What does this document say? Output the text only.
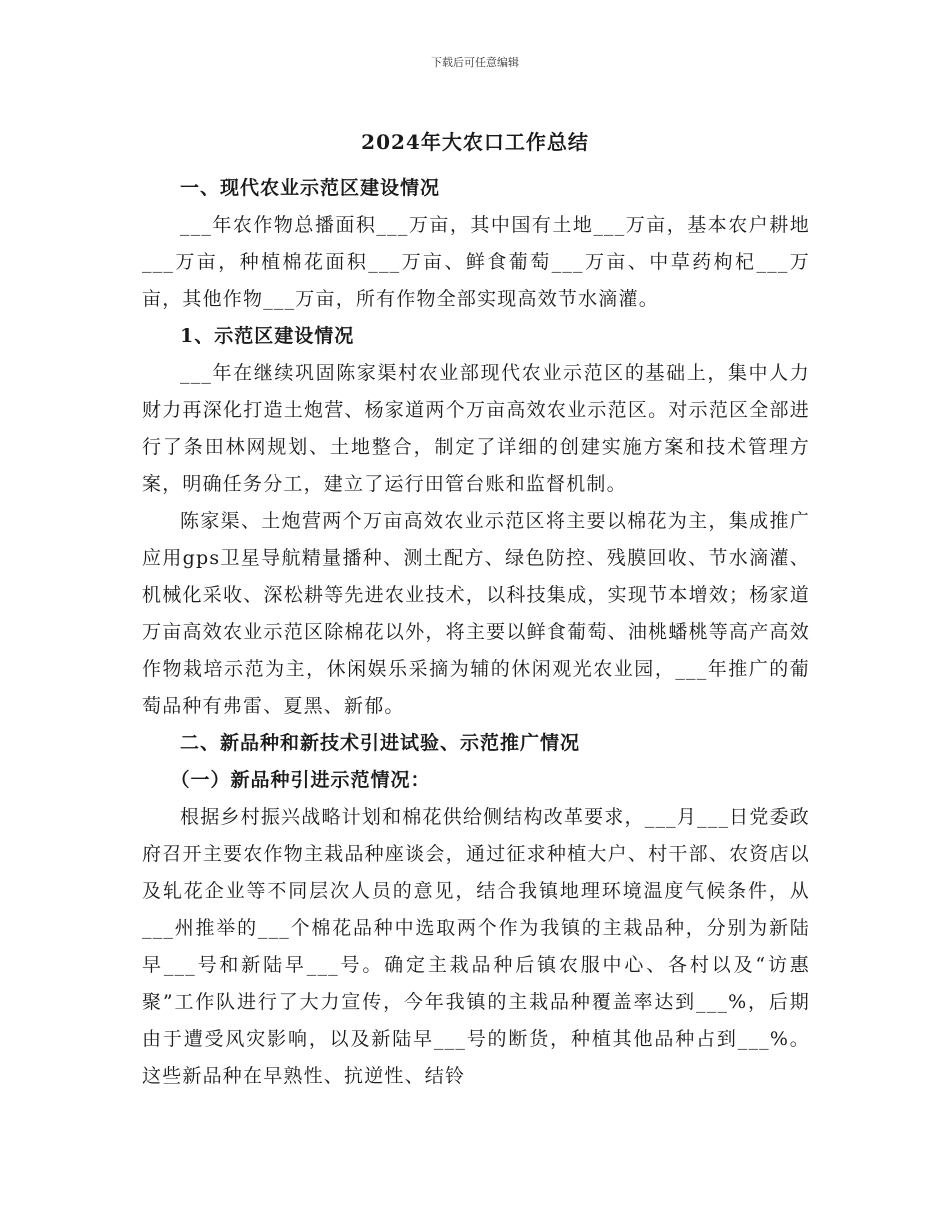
下载后可任意编辑
2024年大农口工作总结
一、现代农业示范区建设情况

___年农作物总播面积___万亩，其中国有土地___万亩，基本农户耕地___万亩，种植棉花面积___万亩、鲜食葡萄___万亩、中草药枸杞___万亩，其他作物___万亩，所有作物全部实现高效节水滴灌。

1、示范区建设情况

___年在继续巩固陈家渠村农业部现代农业示范区的基础上，集中人力财力再深化打造土炮营、杨家道两个万亩高效农业示范区。对示范区全部进行了条田林网规划、土地整合，制定了详细的创建实施方案和技术管理方案，明确任务分工，建立了运行田管台账和监督机制。

陈家渠、土炮营两个万亩高效农业示范区将主要以棉花为主，集成推广应用gps卫星导航精量播种、测土配方、绿色防控、残膜回收、节水滴灌、机械化采收、深松耕等先进农业技术，以科技集成，实现节本增效；杨家道万亩高效农业示范区除棉花以外，将主要以鲜食葡萄、油桃蟠桃等高产高效作物栽培示范为主，休闲娱乐采摘为辅的休闲观光农业园，___年推广的葡萄品种有弗雷、夏黑、新郁。

二、新品种和新技术引进试验、示范推广情况
（一）新品种引进示范情况：

根据乡村振兴战略计划和棉花供给侧结构改革要求，___月___日党委政府召开主要农作物主栽品种座谈会，通过征求种植大户、村干部、农资店以及轧花企业等不同层次人员的意见，结合我镇地理环境温度气候条件，从___州推举的___个棉花品种中选取两个作为我镇的主栽品种，分别为新陆早___号和新陆早___号。确定主栽品种后镇农服中心、各村以及“访惠聚”工作队进行了大力宣传，今年我镇的主栽品种覆盖率达到___%，后期由于遭受风灾影响，以及新陆早___号的断货，种植其他品种占到___%。这些新品种在早熟性、抗逆性、结铃
